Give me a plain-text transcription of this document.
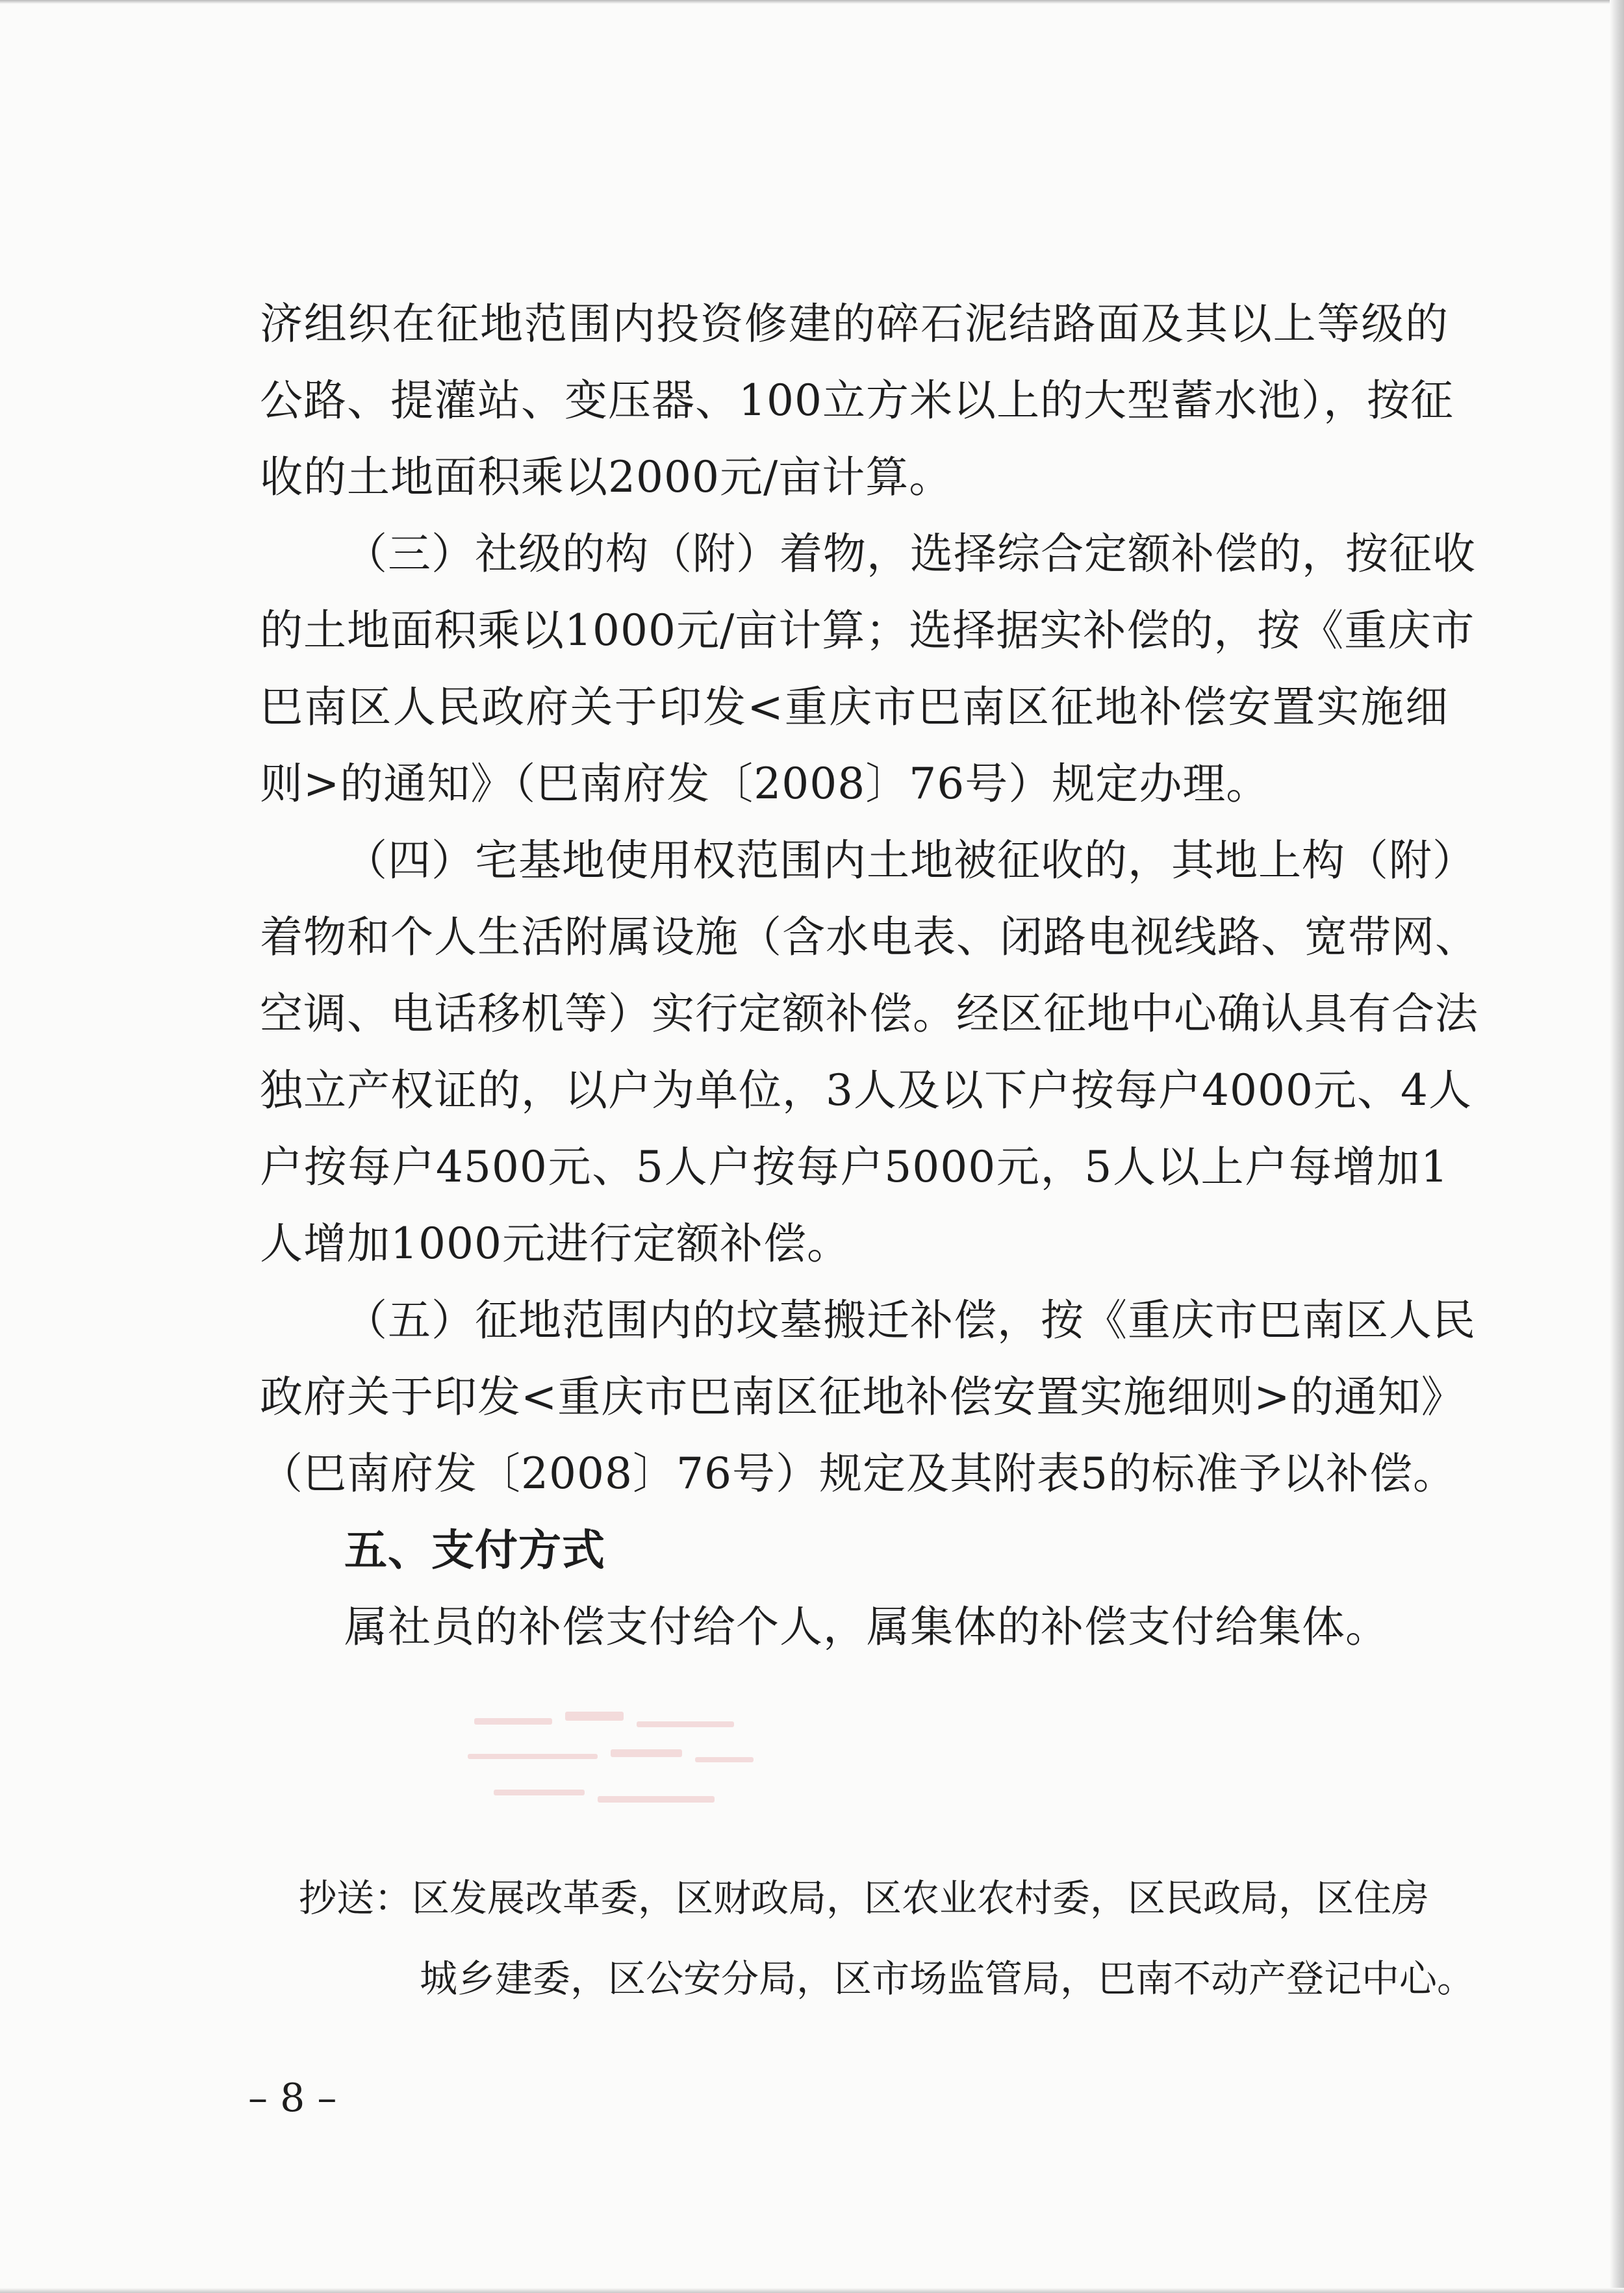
济组织在征地范围内投资修建的碎石泥结路面及其以上等级的
公路、提灌站、变压器、100立方米以上的大型蓄水池），按征
收的土地面积乘以2000元/亩计算。
（三）社级的构（附）着物，选择综合定额补偿的，按征收
的土地面积乘以1000元/亩计算；选择据实补偿的，按《重庆市
巴南区人民政府关于印发<重庆市巴南区征地补偿安置实施细
则>的通知》（巴南府发〔2008〕76号）规定办理。
（四）宅基地使用权范围内土地被征收的，其地上构（附）
着物和个人生活附属设施（含水电表、闭路电视线路、宽带网、
空调、电话移机等）实行定额补偿。经区征地中心确认具有合法
独立产权证的，以户为单位，3人及以下户按每户4000元、4人
户按每户4500元、5人户按每户5000元，5人以上户每增加1
人增加1000元进行定额补偿。
（五）征地范围内的坟墓搬迁补偿，按《重庆市巴南区人民
政府关于印发<重庆市巴南区征地补偿安置实施细则>的通知》
（巴南府发〔2008〕76号）规定及其附表5的标准予以补偿。
五、支付方式
属社员的补偿支付给个人，属集体的补偿支付给集体。
抄送：区发展改革委，区财政局，区农业农村委，区民政局，区住房
城乡建委，区公安分局，区市场监管局，巴南不动产登记中心。
– 8 –
